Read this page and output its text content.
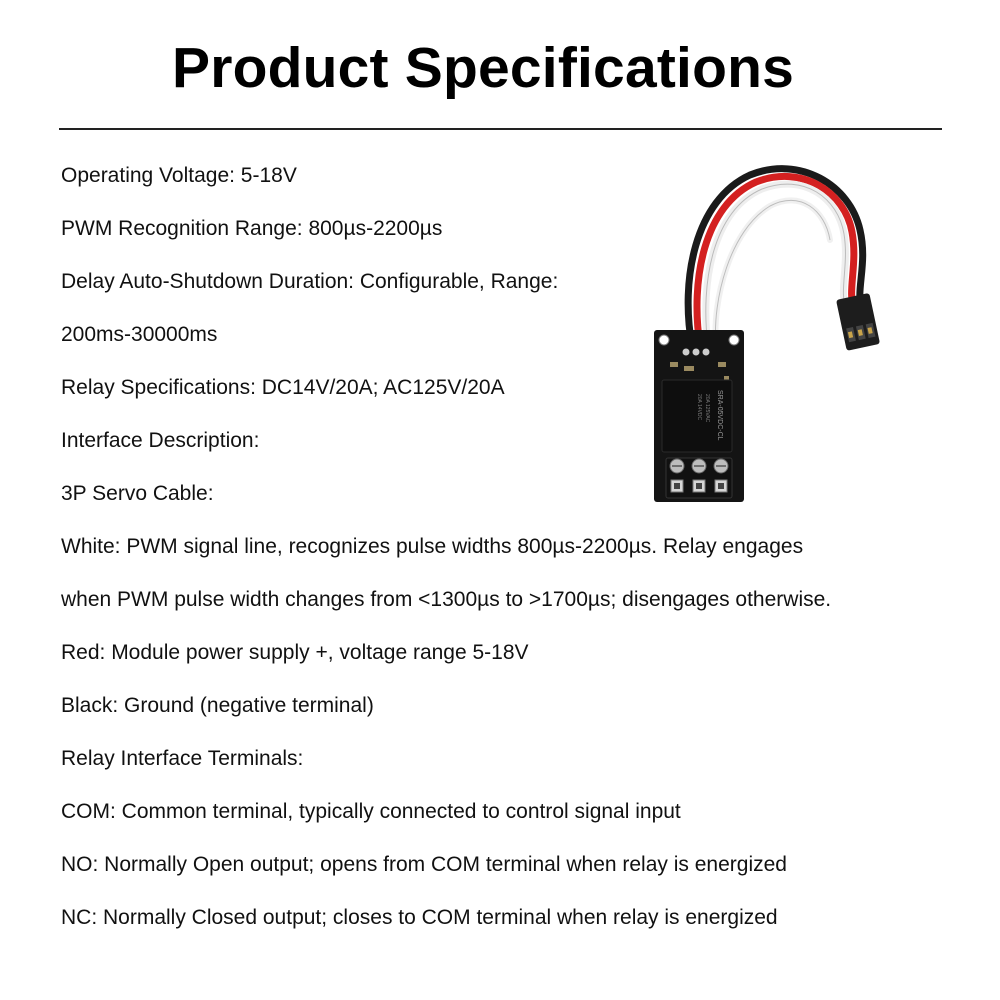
Product Specifications
Operating Voltage: 5-18V
PWM Recognition Range: 800µs-2200µs
Delay Auto-Shutdown Duration: Configurable, Range:
200ms-30000ms
Relay Specifications: DC14V/20A; AC125V/20A
Interface Description:
3P Servo Cable:
White: PWM signal line, recognizes pulse widths 800µs-2200µs. Relay engages
when PWM pulse width changes from <1300µs to >1700µs; disengages otherwise.
Red: Module power supply +, voltage range 5-18V
Black: Ground (negative terminal)
Relay Interface Terminals:
COM: Common terminal, typically connected to control signal input
NO: Normally Open output; opens from COM terminal when relay is energized
NC: Normally Closed output; closes to COM terminal when relay is energized
SRA-05VDC-CL
20A 125VAC
20A 14VDC
